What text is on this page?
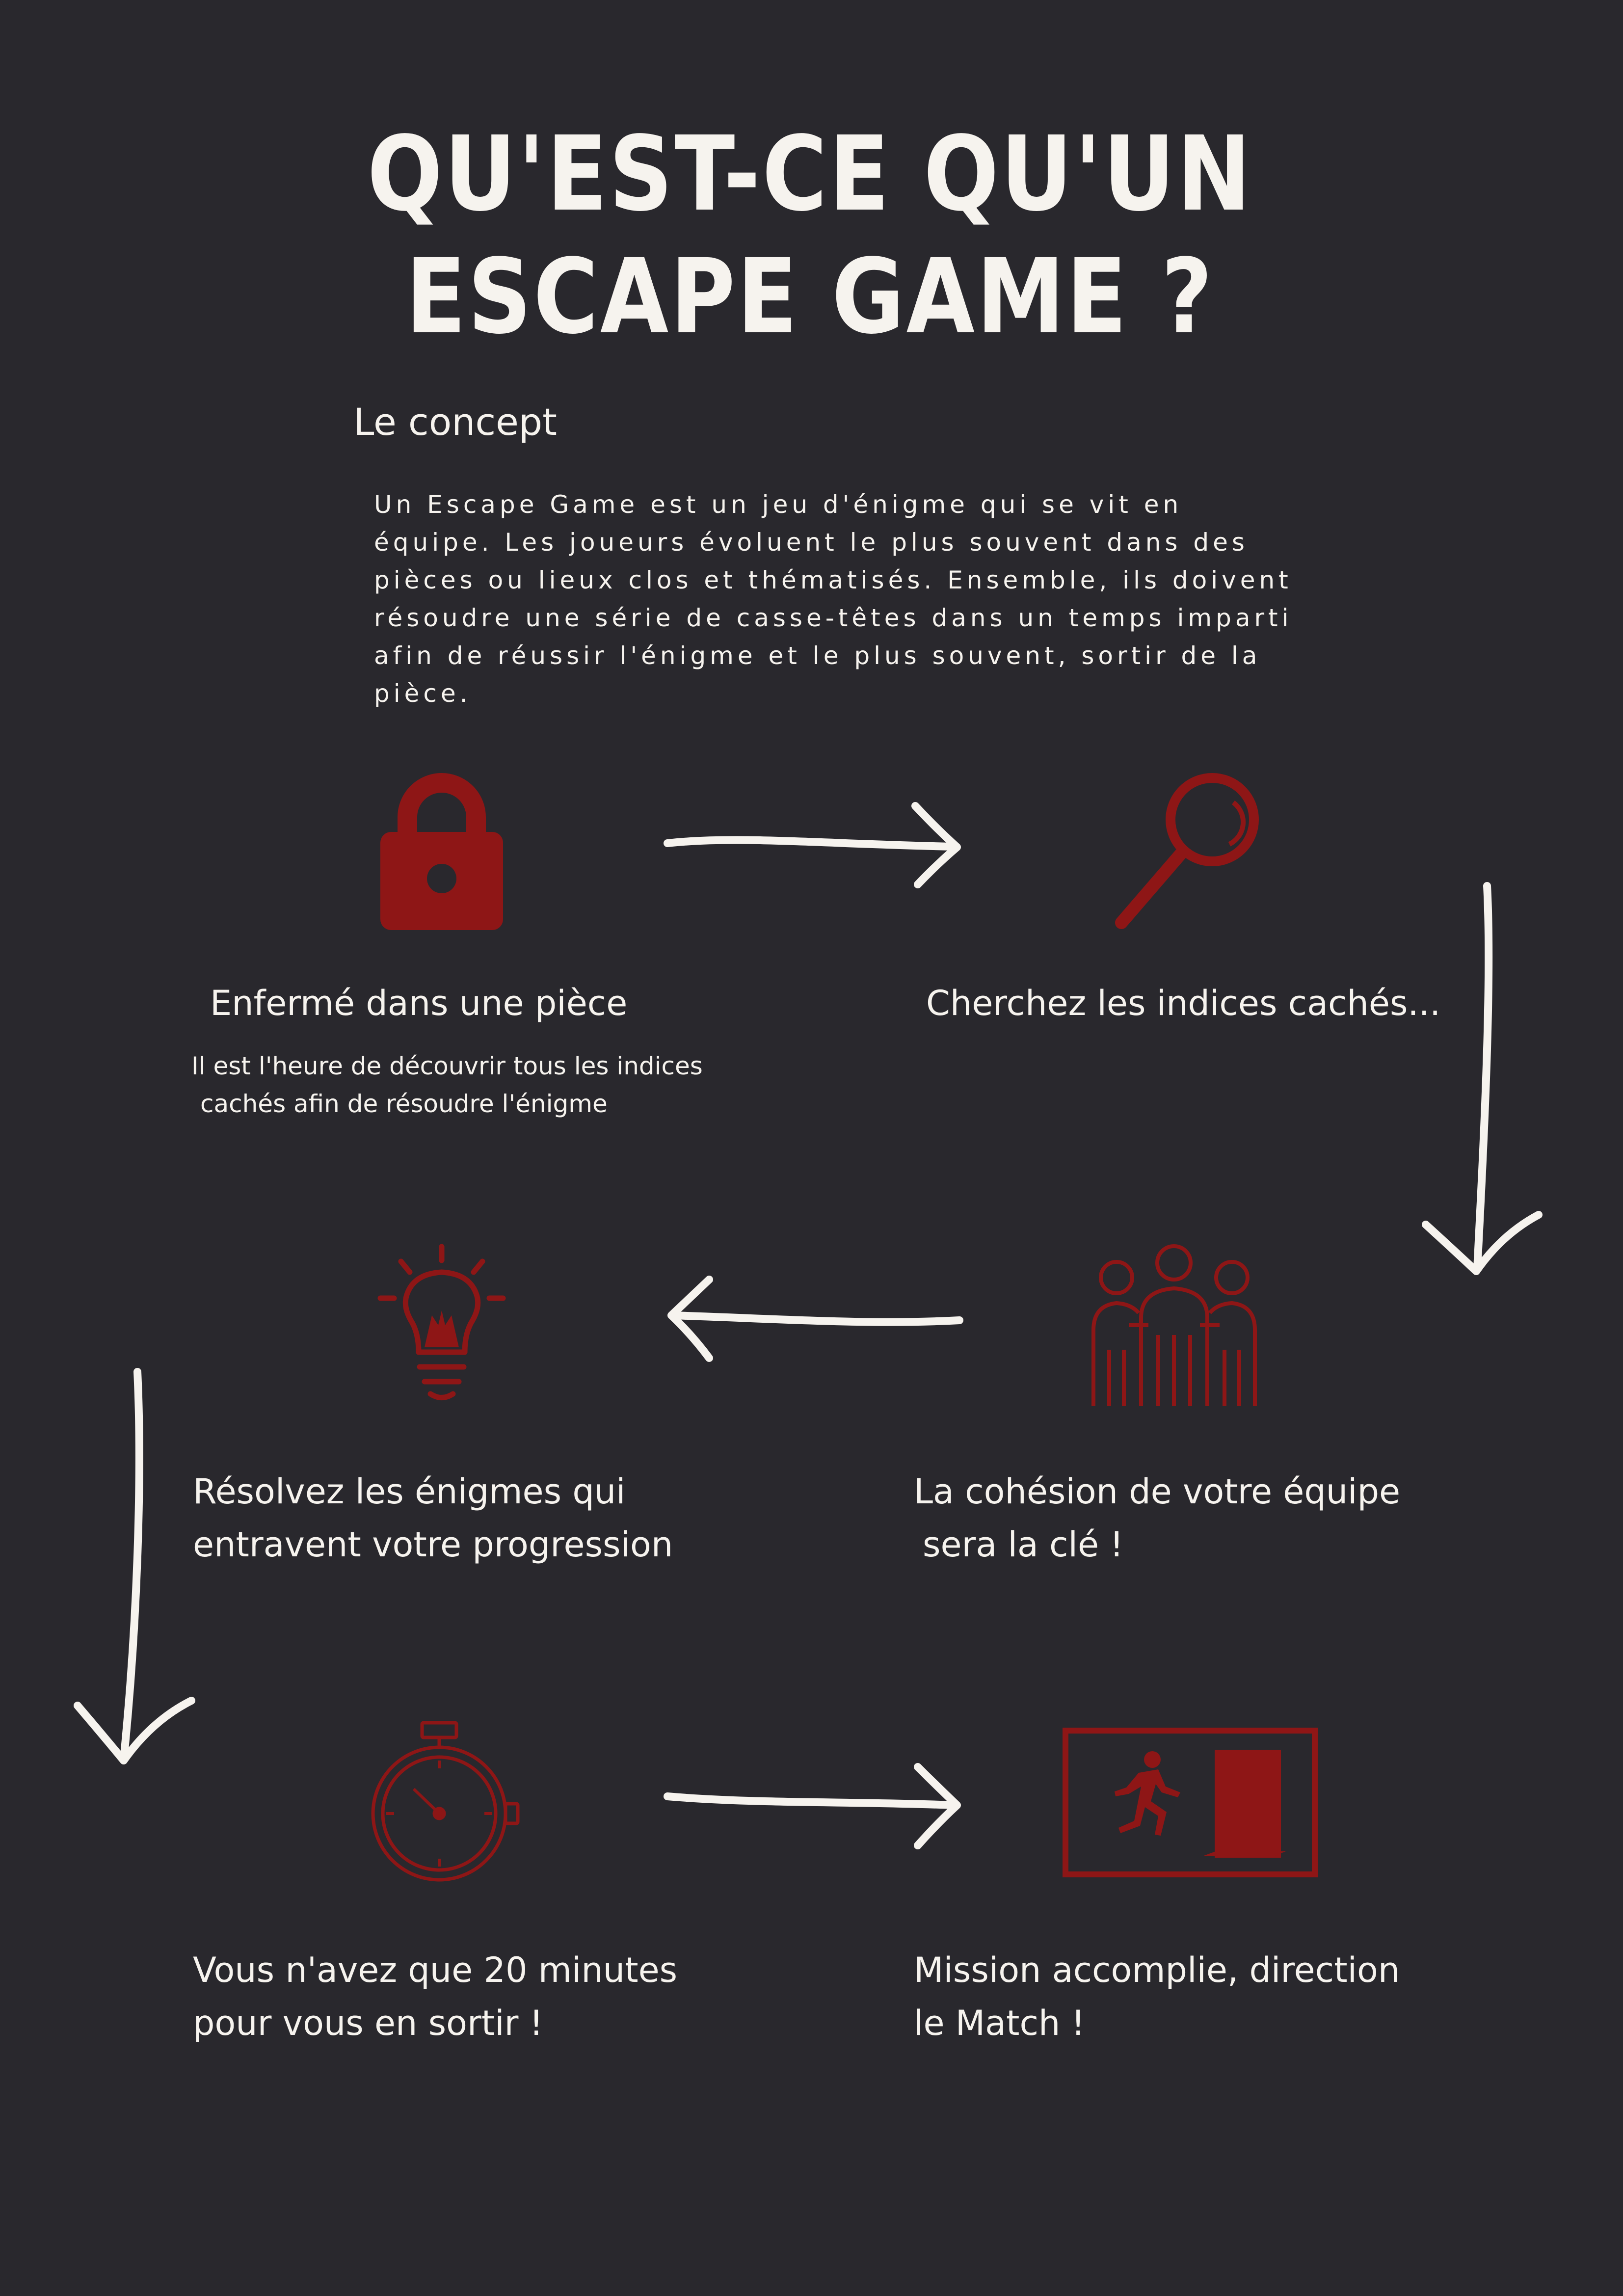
QU'EST-CE QU'UN
ESCAPE GAME ?
Le concept

Un Escape Game est un jeu d'énigme qui se vit en équipe. Les joueurs évoluent le plus souvent dans des pièces ou lieux clos et thématisés. Ensemble, ils doivent résoudre une série de casse-têtes dans un temps imparti afin de réussir l'énigme et le plus souvent, sortir de la pièce.

Enfermé dans une pièce

Il est l'heure de découvrir tous les indices

cachés afin de résoudre l'énigme

Cherchez les indices cachés...

La cohésion de votre équipe

sera la clé !

Résolvez les énigmes qui

entravent votre progression

Vous n'avez que 20 minutes

pour vous en sortir !

Mission accomplie, direction

le Match !
